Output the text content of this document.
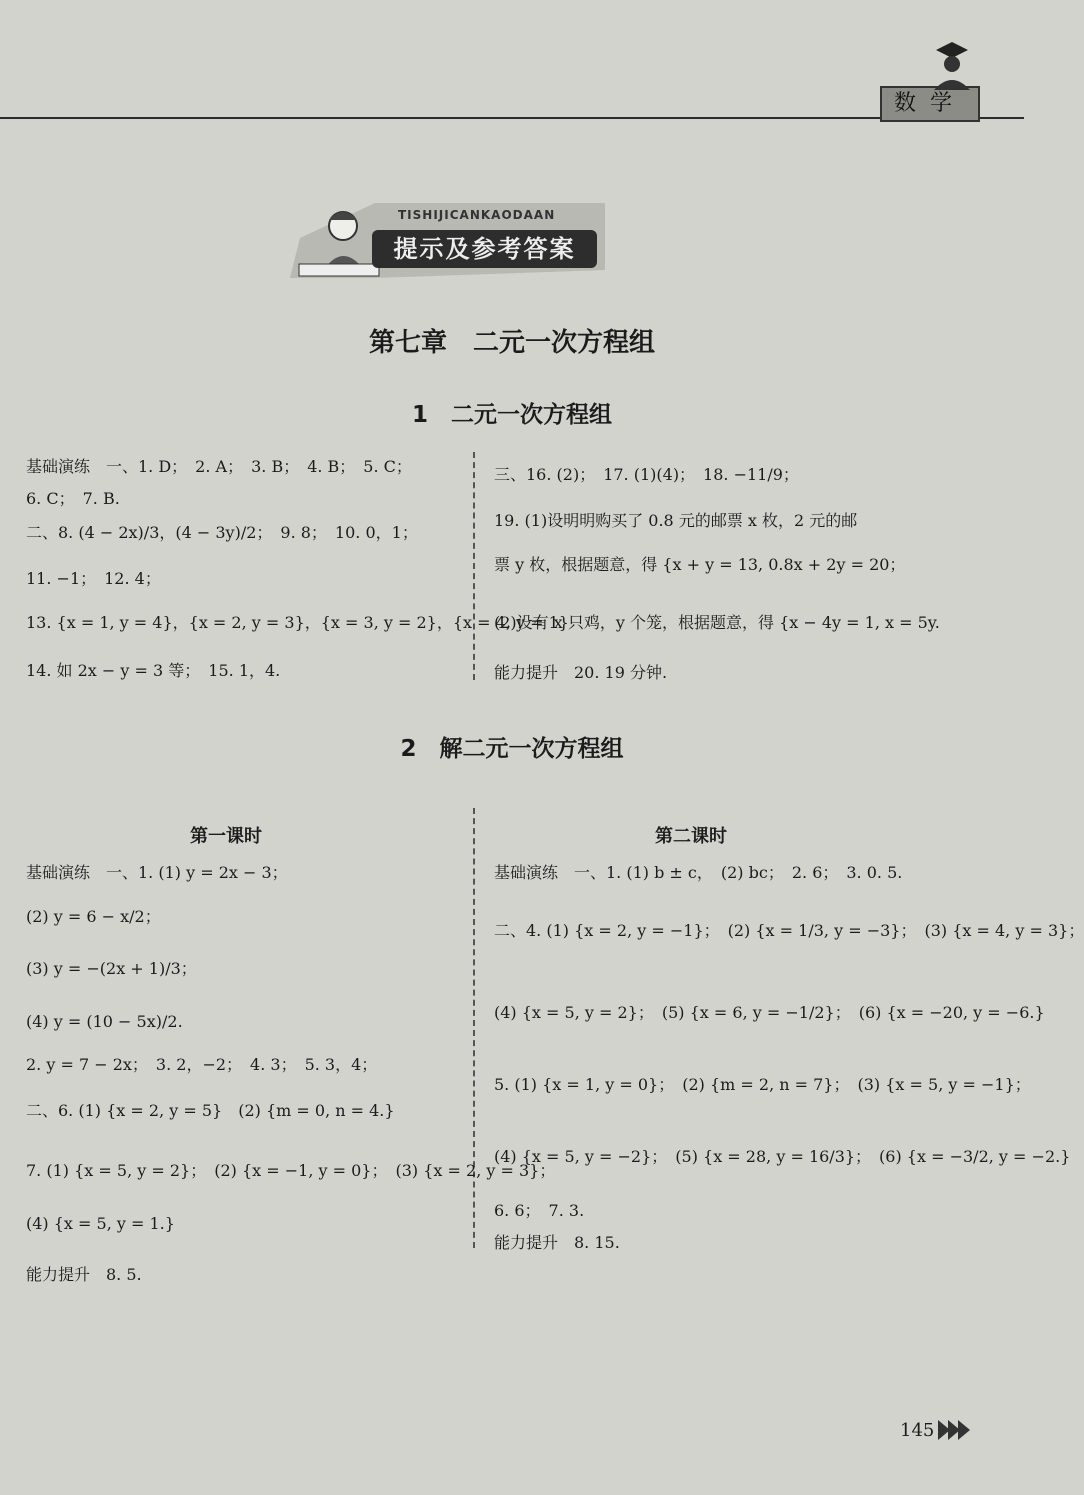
数学
TISHIJICANKAODAAN
提示及参考答案
第七章　二元一次方程组
1　二元一次方程组
基础演练　一、1. D；　2. A；　3. B；　4. B；　5. C；
6. C；　7. B.
二、8. (4 − 2x)/3，(4 − 3y)/2；　9. 8；　10. 0，1；
11. −1；　12. 4；
13. {x = 1, y = 4}，{x = 2, y = 3}，{x = 3, y = 2}，{x = 4, y = 1}
14. 如 2x − y = 3 等；　15. 1，4.
三、16. (2)；　17. (1)(4)；　18. −11/9；
19. (1)设明明购买了 0.8 元的邮票 x 枚，2 元的邮
票 y 枚，根据题意，得 {x + y = 13, 0.8x + 2y = 20；
(2)设有 x 只鸡，y 个笼，根据题意，得 {x − 4y = 1, x = 5y.
能力提升　20. 19 分钟.
2　解二元一次方程组
第一课时
基础演练　一、1. (1) y = 2x − 3；
(2) y = 6 − x/2；
(3) y = −(2x + 1)/3；
(4) y = (10 − 5x)/2.
2. y = 7 − 2x；　3. 2，−2；　4. 3；　5. 3，4；
二、6. (1) {x = 2, y = 5}　(2) {m = 0, n = 4.}
7. (1) {x = 5, y = 2}；　(2) {x = −1, y = 0}；　(3) {x = 2, y = 3}；
(4) {x = 5, y = 1.}
能力提升　8. 5.
第二课时
基础演练　一、1. (1) b ± c，　(2) bc；　2. 6；　3. 0. 5.
二、4. (1) {x = 2, y = −1}；　(2) {x = 1/3, y = −3}；　(3) {x = 4, y = 3}；
(4) {x = 5, y = 2}；　(5) {x = 6, y = −1/2}；　(6) {x = −20, y = −6.}
5. (1) {x = 1, y = 0}；　(2) {m = 2, n = 7}；　(3) {x = 5, y = −1}；
(4) {x = 5, y = −2}；　(5) {x = 28, y = 16/3}；　(6) {x = −3/2, y = −2.}
6. 6；　7. 3.
能力提升　8. 15.
145
